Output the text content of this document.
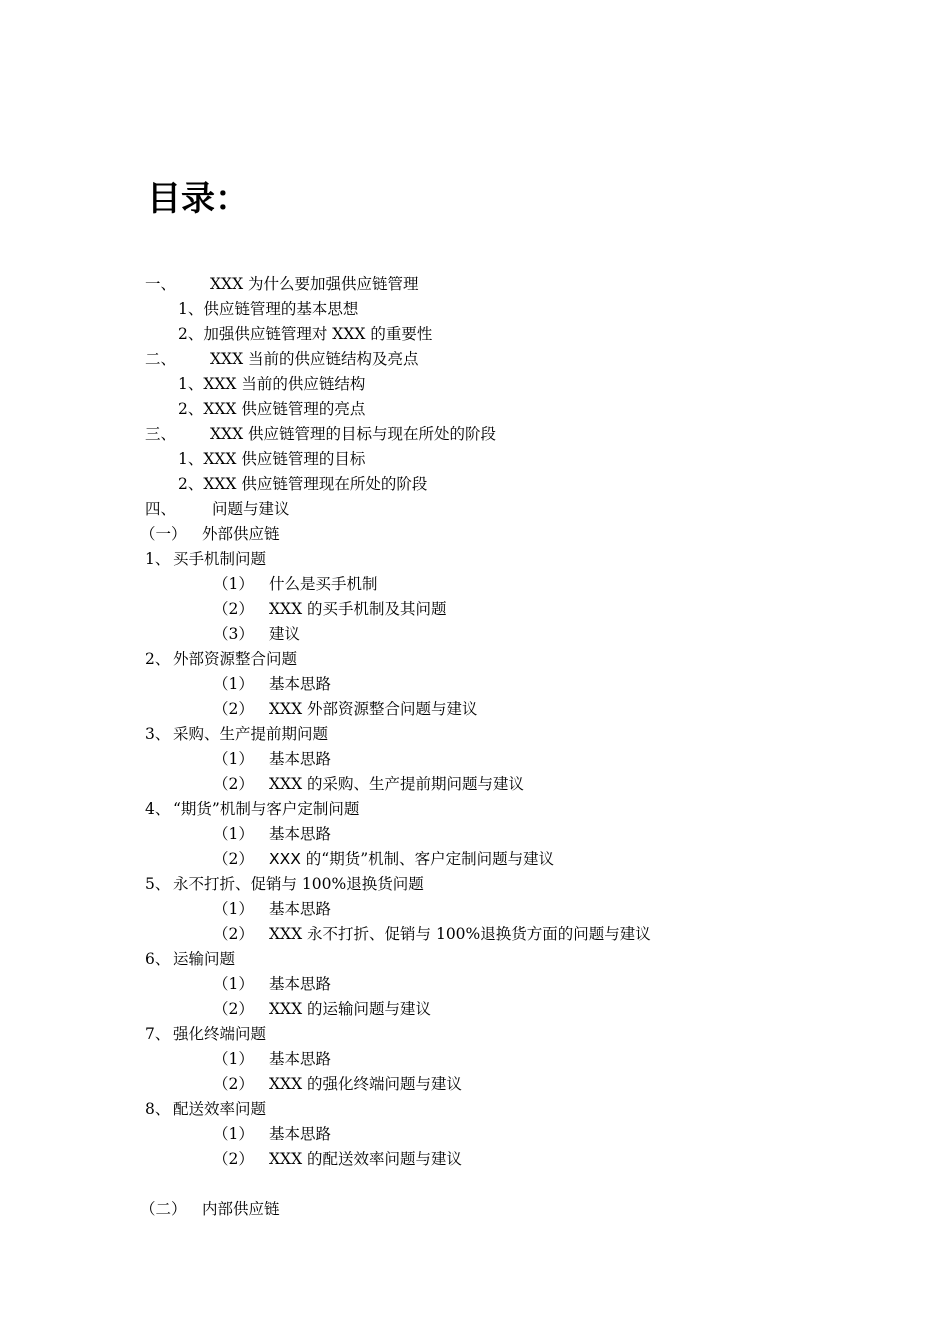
目录：
一、 XXX 为什么要加强供应链管理
1、供应链管理的基本思想
2、加强供应链管理对 XXX 的重要性
二、 XXX 当前的供应链结构及亮点
1、XXX 当前的供应链结构
2、XXX 供应链管理的亮点
三、 XXX 供应链管理的目标与现在所处的阶段
1、XXX 供应链管理的目标
2、XXX 供应链管理现在所处的阶段
四、 问题与建议
（一） 外部供应链
1、 买手机制问题
（1） 什么是买手机制
（2） XXX 的买手机制及其问题
（3） 建议
2、 外部资源整合问题
（1） 基本思路
（2） XXX 外部资源整合问题与建议
3、 采购、生产提前期问题
（1） 基本思路
（2） XXX 的采购、生产提前期问题与建议
4、 “期货”机制与客户定制问题
（1） 基本思路
（2） XXX 的“期货”机制、客户定制问题与建议
5、 永不打折、促销与 100%退换货问题
（1） 基本思路
（2） XXX 永不打折、促销与 100%退换货方面的问题与建议
6、 运输问题
（1） 基本思路
（2） XXX 的运输问题与建议
7、 强化终端问题
（1） 基本思路
（2） XXX 的强化终端问题与建议
8、 配送效率问题
（1） 基本思路
（2） XXX 的配送效率问题与建议
（二） 内部供应链
